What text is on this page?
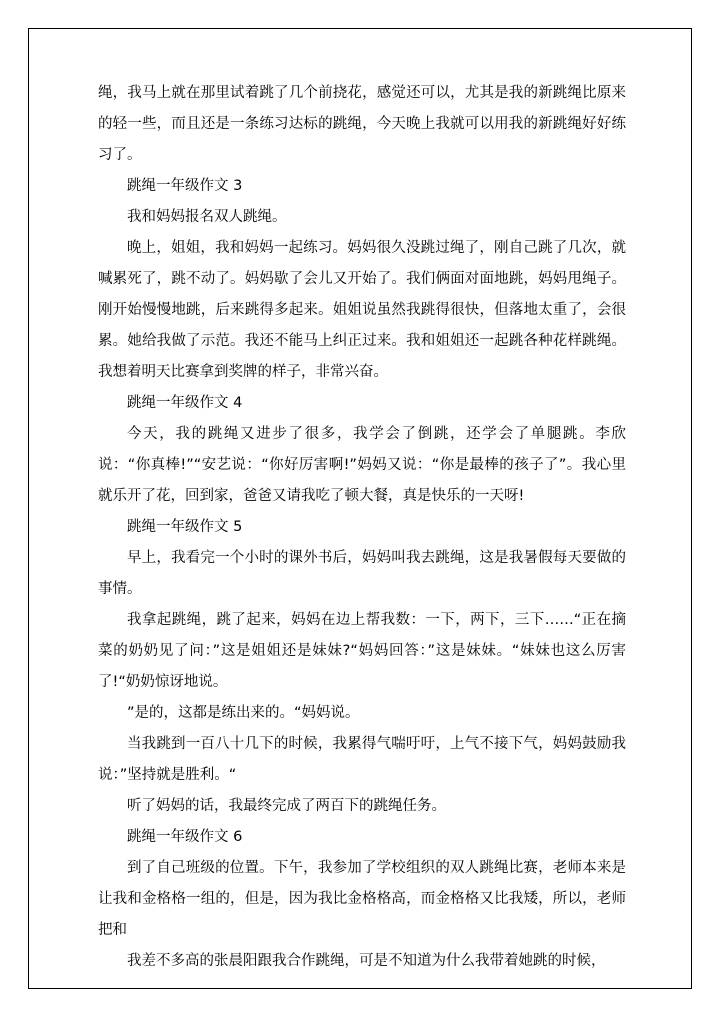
绳，我马上就在那里试着跳了几个前挠花，感觉还可以，尤其是我的新跳绳比原来的轻一些，而且还是一条练习达标的跳绳，今天晚上我就可以用我的新跳绳好好练习了。

跳绳一年级作文 3

我和妈妈报名双人跳绳。

晚上，姐姐，我和妈妈一起练习。妈妈很久没跳过绳了，刚自己跳了几次，就喊累死了，跳不动了。妈妈歇了会儿又开始了。我们俩面对面地跳，妈妈甩绳子。刚开始慢慢地跳，后来跳得多起来。姐姐说虽然我跳得很快，但落地太重了，会很累。她给我做了示范。我还不能马上纠正过来。我和姐姐还一起跳各种花样跳绳。我想着明天比赛拿到奖牌的样子，非常兴奋。

跳绳一年级作文 4

今天，我的跳绳又进步了很多，我学会了倒跳，还学会了单腿跳。李欣说：“你真棒!”“安艺说：“你好厉害啊!”妈妈又说：“你是最棒的孩子了”。我心里就乐开了花，回到家，爸爸又请我吃了顿大餐，真是快乐的一天呀!

跳绳一年级作文 5

早上，我看完一个小时的课外书后，妈妈叫我去跳绳，这是我暑假每天要做的事情。

我拿起跳绳，跳了起来，妈妈在边上帮我数：一下，两下，三下……“正在摘菜的奶奶见了问：”这是姐姐还是妹妹?“妈妈回答：”这是妹妹。“妹妹也这么厉害了!“奶奶惊讶地说。

”是的，这都是练出来的。“妈妈说。

当我跳到一百八十几下的时候，我累得气喘吁吁，上气不接下气，妈妈鼓励我说：”坚持就是胜利。“

听了妈妈的话，我最终完成了两百下的跳绳任务。

跳绳一年级作文 6

到了自己班级的位置。下午，我参加了学校组织的双人跳绳比赛，老师本来是让我和金格格一组的，但是，因为我比金格格高，而金格格又比我矮，所以，老师把和

我差不多高的张晨阳跟我合作跳绳，可是不知道为什么我带着她跳的时候，
